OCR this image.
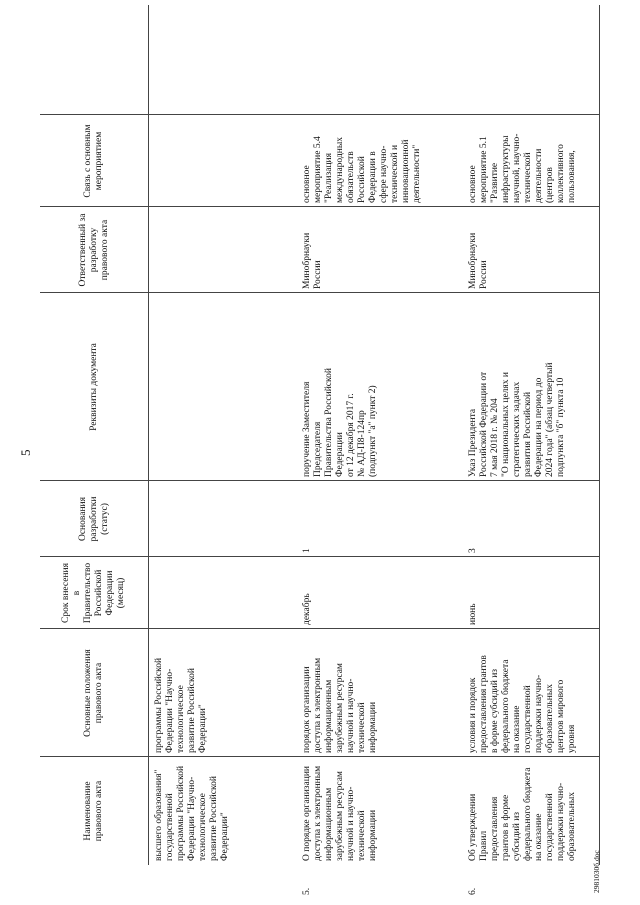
5
2981030б.doc
Наименование правового акта
Основные положения правового акта
Срок внесения в Правительство Российской Федерации (месяц)
Основания разработки (статус)
Реквизиты документа
Ответственный за разработку правового акта
Связь с основным мероприятием
высшего образования"
государственной
программы Российской
Федерации "Научно-
технологическое
развитие Российской
Федерации"
программы Российской
Федерации "Научно-
технологическое
развитие Российской
Федерации"
5.
О порядке организации
доступа к электронным
информационным
зарубежным ресурсам
научной и научно-
технической
информации
порядок организации
доступа к электронным
информационным
зарубежным ресурсам
научной и научно-
технической
информации
декабрь
1
поручение Заместителя
Председателя
Правительства Российской
Федерации
от 12 декабря 2017 г.
№ АД-П8-124пр
(подпункт "а" пункт 2)
Минобрнауки
России
основное
мероприятие 5.4
"Реализация
международных
обязательств
Российской
Федерации в
сфере научно-
технической и
инновационной
деятельности"
6.
Об утверждении
Правил
предоставления
грантов в форме
субсидий из
федерального бюджета
на оказание
государственной
поддержки научно-
образовательных
условия и порядок
предоставления грантов
в форме субсидий из
федерального бюджета
на оказание
государственной
поддержки научно-
образовательных
центров мирового
уровня
июнь
3
Указ Президента
Российской Федерации от
7 мая 2018 г. № 204
"О национальных целях и
стратегических задачах
развития Российской
Федерации на период до
2024 года" (абзац четвертый
подпункта "б" пункта 10
Минобрнауки
России
основное
мероприятие 5.1
"Развитие
инфраструктуры
научной, научно-
технической
деятельности
(центров
коллективного
пользования,
